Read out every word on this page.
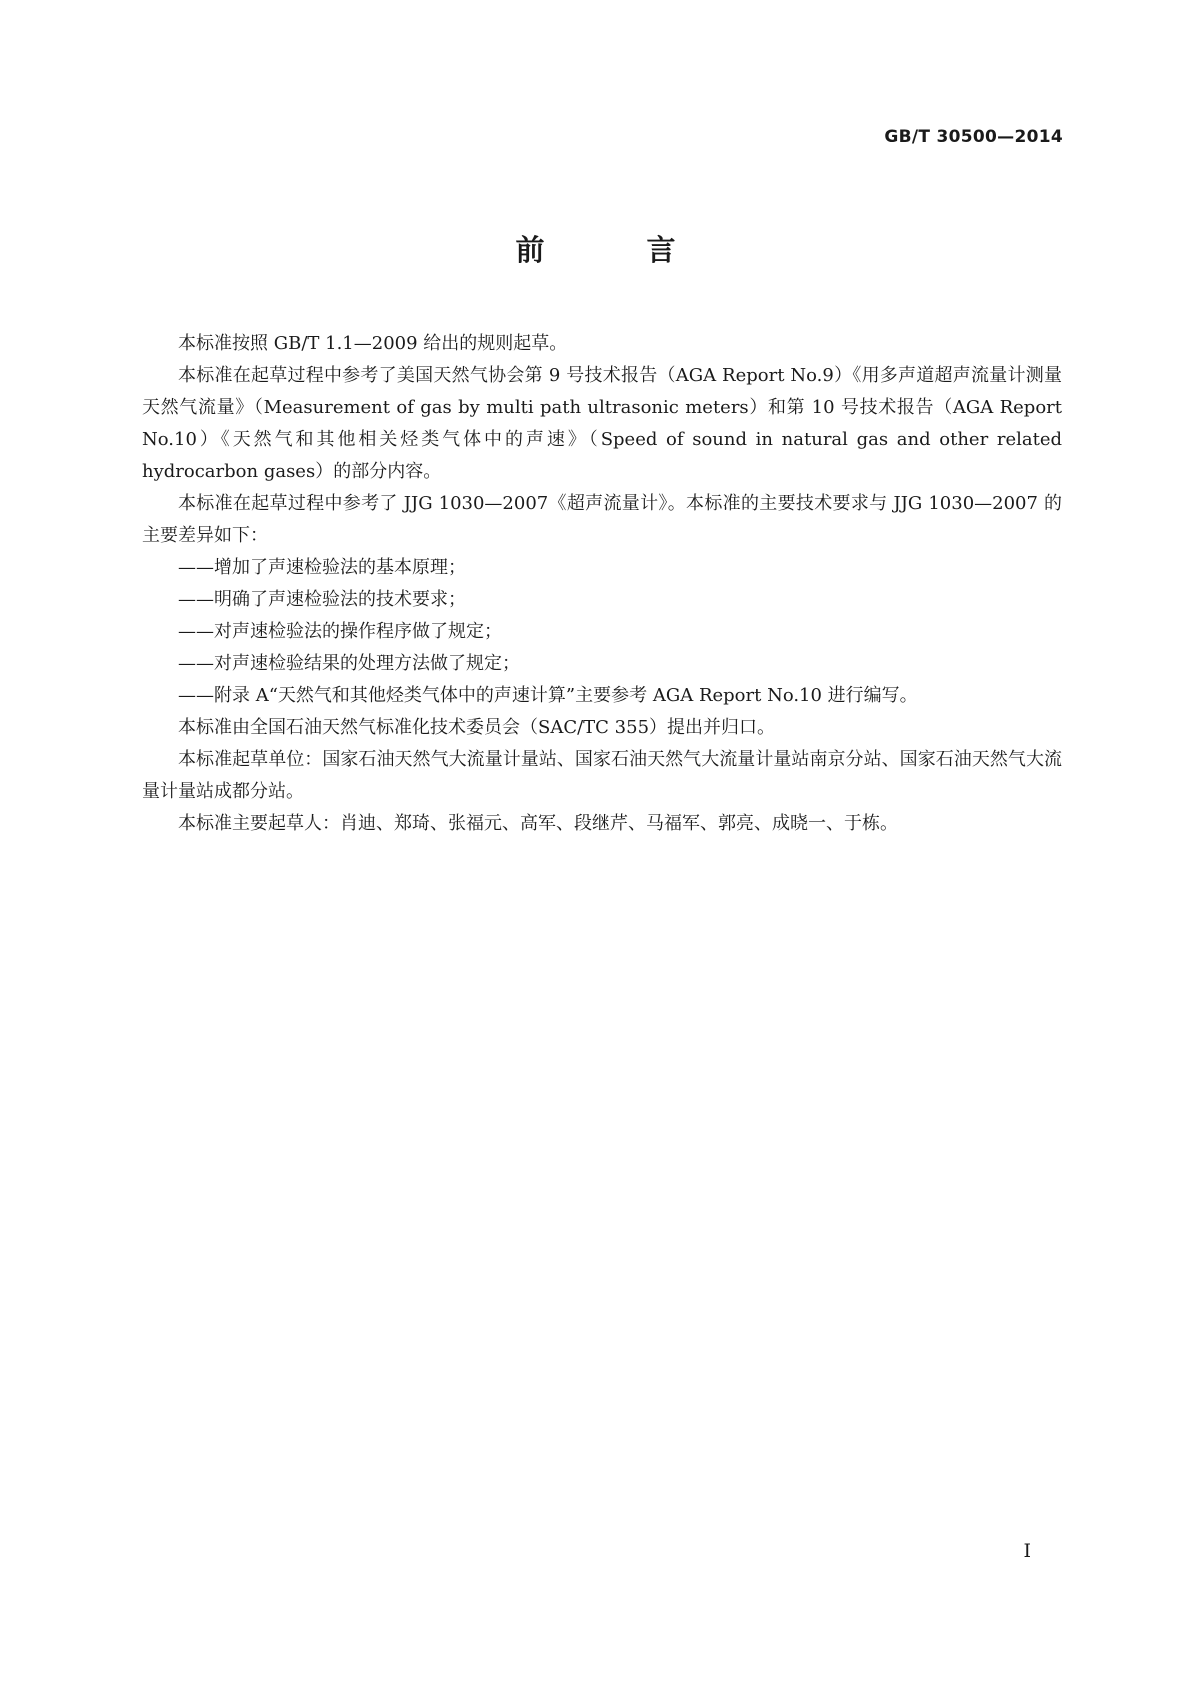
GB/T 30500—2014
前 言

本标准按照 GB/T 1.1—2009 给出的规则起草。

本标准在起草过程中参考了美国天然气协会第 9 号技术报告（AGA Report No.9）《用多声道超声流量计测量天然气流量》（Measurement of gas by multi path ultrasonic meters）和第 10 号技术报告（AGA Report No.10）《天然气和其他相关烃类气体中的声速》（Speed of sound in natural gas and other related hydrocarbon gases）的部分内容。

本标准在起草过程中参考了 JJG 1030—2007《超声流量计》。本标准的主要技术要求与 JJG 1030—2007 的主要差异如下：

——增加了声速检验法的基本原理；

——明确了声速检验法的技术要求；

——对声速检验法的操作程序做了规定；

——对声速检验结果的处理方法做了规定；

——附录 A“天然气和其他烃类气体中的声速计算”主要参考 AGA Report No.10 进行编写。

本标准由全国石油天然气标准化技术委员会（SAC/TC 355）提出并归口。

本标准起草单位：国家石油天然气大流量计量站、国家石油天然气大流量计量站南京分站、国家石油天然气大流量计量站成都分站。

本标准主要起草人：肖迪、郑琦、张福元、高军、段继芹、马福军、郭亮、成晓一、于栋。

I
